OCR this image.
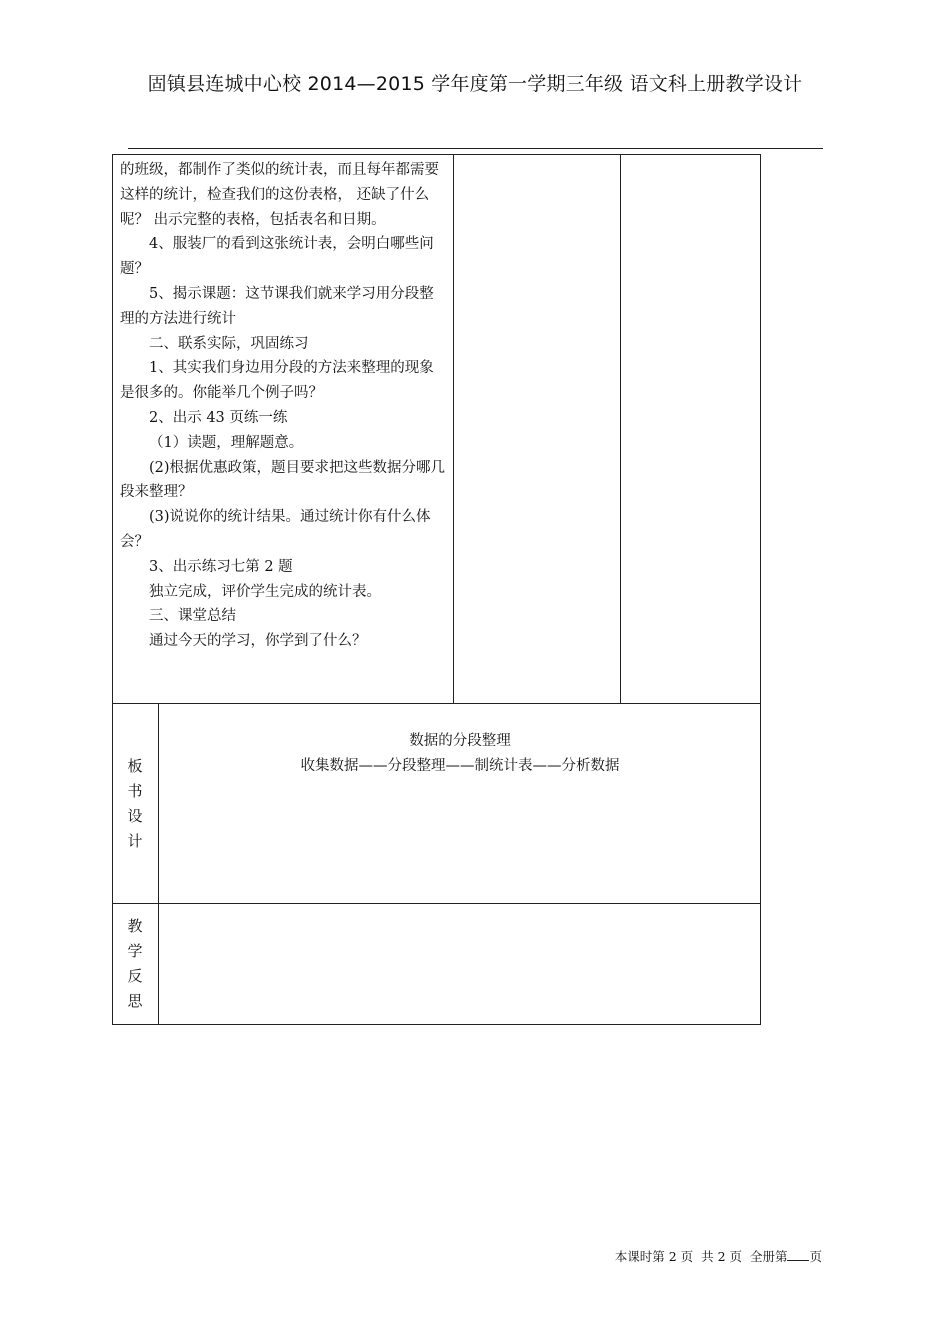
固镇县连城中心校 2014—2015 学年度第一学期三年级 语文科上册教学设计

的班级，都制作了类似的统计表，而且每年都需要这样的统计，检查我们的这份表格， 还缺了什么呢？ 出示完整的表格，包括表名和日期。

4、服装厂的看到这张统计表，会明白哪些问题？

5、揭示课题：这节课我们就来学习用分段整理的方法进行统计

二、联系实际，巩固练习

1、其实我们身边用分段的方法来整理的现象是很多的。你能举几个例子吗？

2、出示 43 页练一练

（1）读题，理解题意。

(2)根据优惠政策，题目要求把这些数据分哪几段来整理？

(3)说说你的统计结果。通过统计你有什么体会？

3、出示练习七第 2 题

独立完成，评价学生完成的统计表。

三、课堂总结

通过今天的学习，你学到了什么？

板
书
设
计
数据的分段整理
收集数据——分段整理——制统计表——分析数据
教
学
反
思
本课时第 2 页 共 2 页 全册第 页
